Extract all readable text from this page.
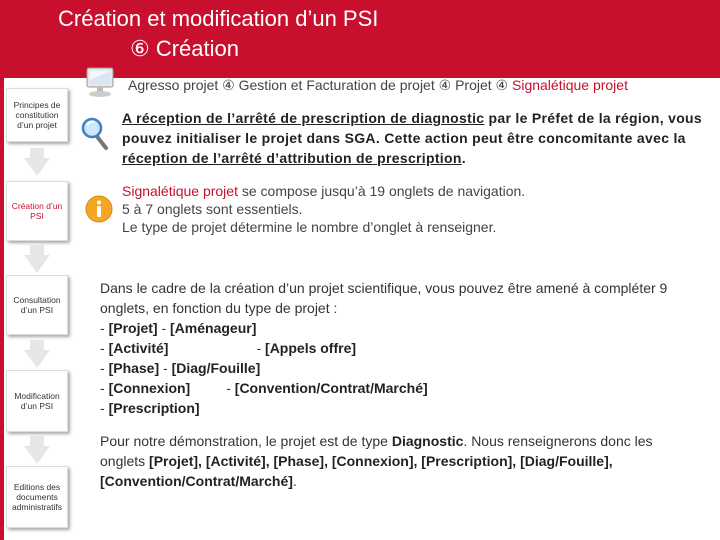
Création et modification d’un PSI
⑥ Création
Agresso projet ④ Gestion et Facturation de projet ④ Projet ④ Signalétique projet
Principes de constitution d’un projet
Création d’un PSI
Consultation d’un PSI
Modification d’un PSI
Editions des documents administratifs
A réception de l’arrêté de prescription de diagnostic par le Préfet de la région, vous pouvez initialiser le projet dans SGA. Cette action peut être concomitante avec la réception de l’arrêté d’attribution de prescription.
Signalétique projet se compose jusqu’à 19 onglets de navigation.
5 à 7 onglets sont essentiels.
Le type de projet détermine le nombre d’onglet à renseigner.
Dans le cadre de la création d’un projet scientifique, vous pouvez être amené à compléter 9 onglets, en fonction du type de projet :
- [Projet] - [Aménageur]
- [Activité]	- [Appels offre]
- [Phase] - [Diag/Fouille]
- [Connexion]	- [Convention/Contrat/Marché]
- [Prescription]
Pour notre démonstration, le projet est de type Diagnostic. Nous renseignerons donc les onglets [Projet], [Activité], [Phase], [Connexion], [Prescription], [Diag/Fouille], [Convention/Contrat/Marché].
